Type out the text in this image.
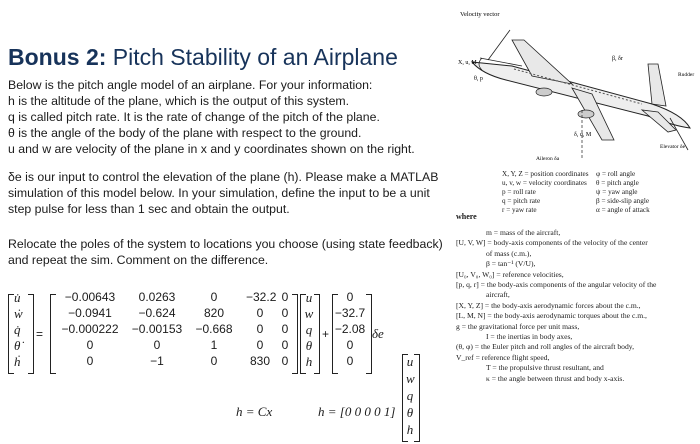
Bonus 2: Pitch Stability of an Airplane
Below is the pitch angle model of an airplane. For your information:
h is the altitude of the plane, which is the output of this system.
q is called pitch rate. It is the rate of change of the pitch of the plane.
θ is the angle of the body of the plane with respect to the ground.
u and w are velocity of the plane in x and y coordinates shown on the right.
δe is our input to control the elevation of the plane (h). Please make a MATLAB
simulation of this model below. In your simulation, define the input to be a unit
step pulse for less than 1 sec and obtain the output.
Relocate the poles of the system to locations you choose (using state feedback)
and repeat the sim. Comment on the difference.
u̇
ẇ
q̇
θ̇
ḣ
=
−0.00643	0.0263	0	−32.2 0
−0.0941	−0.624	820	0	0
−0.000222 −0.00153 −0.668	0	0
0	0	1	0	0
0	−1	0	830 0
u
w
q
θ
h
+
0
−32.7
−2.08
0
0
δe
h = Cx	h = [0 0 0 0 1]
u
w
q
θ
h
Velocity vector
X, u, M
θ, p
β, δr
δ, q, M
Rudder
Elevator δe
Aileron δa
X, Y, Z = position coordinates
u, v, w = velocity coordinates
p = roll rate
q = pitch rate
r = yaw rate
φ = roll angle
θ = pitch angle
ψ = yaw angle
β = side-slip angle
α = angle of attack
where
m = mass of the aircraft,
[U, V, W] = body-axis components of the velocity of the center
of mass (c.m.),
β = tan⁻¹ (V/U),
[U₀, V₀, W₀] = reference velocities,
[p, q, r] = the body-axis components of the angular velocity of the
aircraft,
[X, Y, Z] = the body-axis aerodynamic forces about the c.m.,
[L, M, N] = the body-axis aerodynamic torques about the c.m.,
g = the gravitational force per unit mass,
I = the inertias in body axes,
(θ, φ) = the Euler pitch and roll angles of the aircraft body,
V_ref = reference flight speed,
T = the propulsive thrust resultant, and
κ = the angle between thrust and body x-axis.
